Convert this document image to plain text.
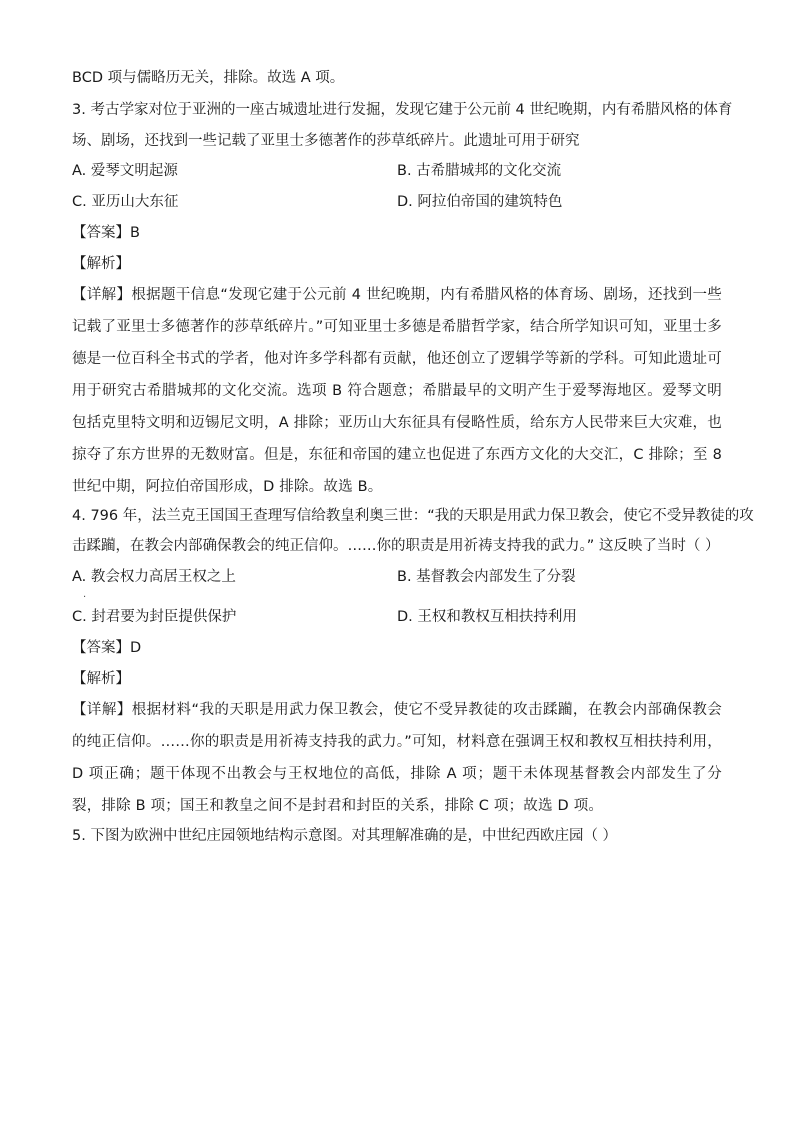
BCD 项与儒略历无关，排除。故选 A 项。
3. 考古学家对位于亚洲的一座古城遗址进行发掘，发现它建于公元前 4 世纪晚期，内有希腊风格的体育
场、剧场，还找到一些记载了亚里士多德著作的莎草纸碎片。此遗址可用于研究
A. 爱琴文明起源	B. 古希腊城邦的文化交流
C. 亚历山大东征	D. 阿拉伯帝国的建筑特色
【答案】B
【解析】
【详解】根据题干信息“发现它建于公元前 4 世纪晚期，内有希腊风格的体育场、剧场，还找到一些记载了亚里士多德著作的莎草纸碎片。”可知亚里士多德是希腊哲学家，结合所学知识可知，亚里士多德是一位百科全书式的学者，他对许多学科都有贡献，他还创立了逻辑学等新的学科。可知此遗址可用于研究古希腊城邦的文化交流。选项 B 符合题意；希腊最早的文明产生于爱琴海地区。爱琴文明包括克里特文明和迈锡尼文明，A 排除；亚历山大东征具有侵略性质，给东方人民带来巨大灾难，也掠夺了东方世界的无数财富。但是，东征和帝国的建立也促进了东西方文化的大交汇，C 排除；至 8 世纪中期，阿拉伯帝国形成，D 排除。故选 B。
4. 796 年，法兰克王国国王查理写信给教皇利奥三世：“我的天职是用武力保卫教会，使它不受异教徒的攻
击蹂躏，在教会内部确保教会的纯正信仰。……你的职责是用祈祷支持我的武力。” 这反映了当时（ ）
A. 教会权力高居王权之上	B. 基督教会内部发生了分裂
·
C. 封君要为封臣提供保护	D. 王权和教权互相扶持利用
【答案】D
【解析】
【详解】根据材料“我的天职是用武力保卫教会，使它不受异教徒的攻击蹂躏，在教会内部确保教会的纯正信仰。……你的职责是用祈祷支持我的武力。”可知，材料意在强调王权和教权互相扶持利用，D 项正确；题干体现不出教会与王权地位的高低，排除 A 项；题干未体现基督教会内部发生了分裂，排除 B 项；国王和教皇之间不是封君和封臣的关系，排除 C 项；故选 D 项。
5. 下图为欧洲中世纪庄园领地结构示意图。对其理解准确的是，中世纪西欧庄园（ ）
